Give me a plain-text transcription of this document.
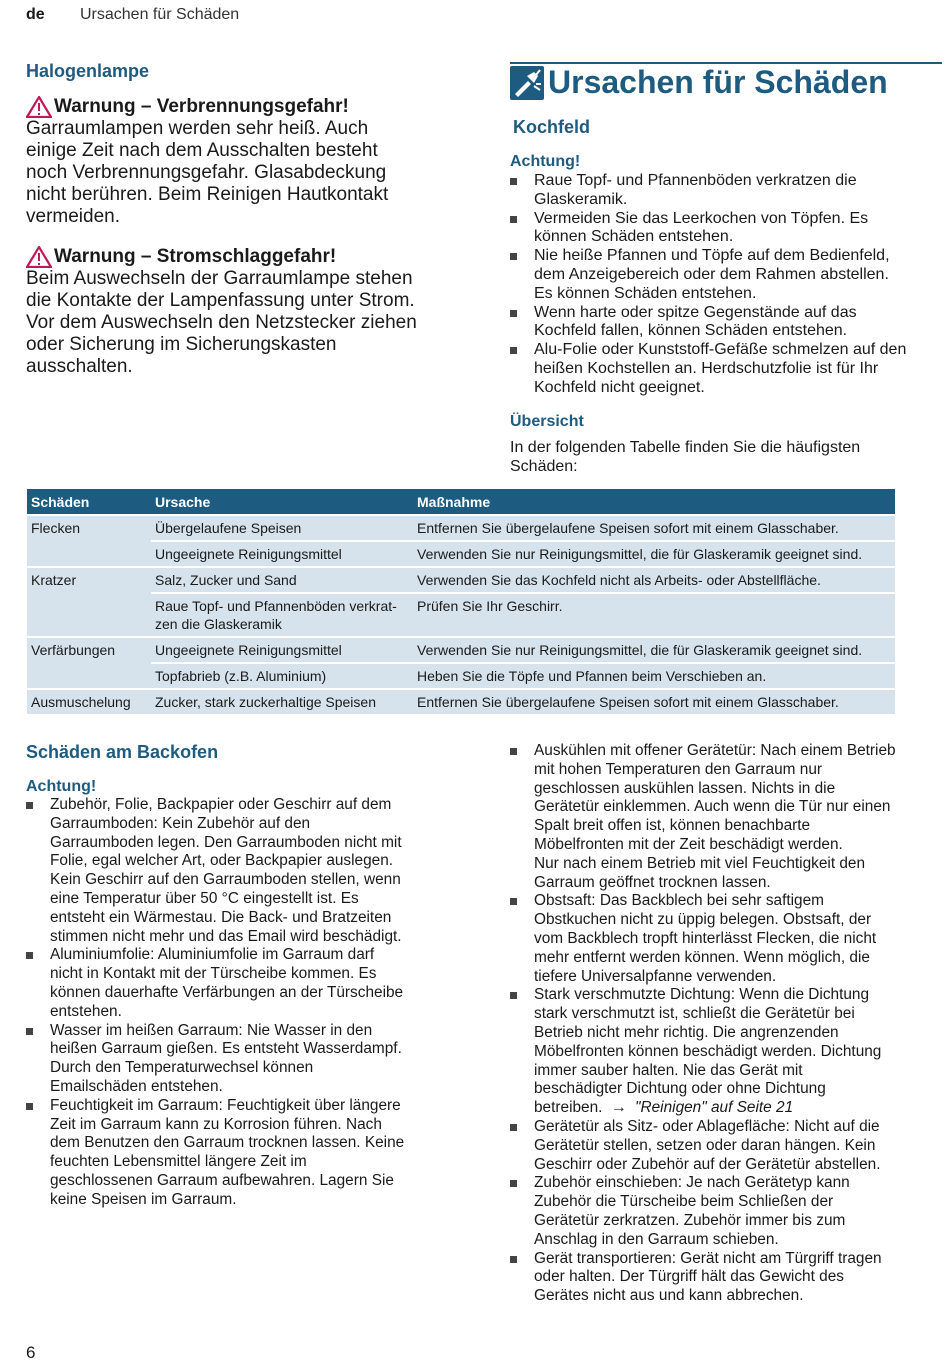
de Ursachen für Schäden
Halogenlampe
Warnung – Verbrennungsgefahr!
Garraumlampen werden sehr heiß. Auch
einige Zeit nach dem Ausschalten besteht
noch Verbrennungsgefahr. Glasabdeckung
nicht berühren. Beim Reinigen Hautkontakt
vermeiden.
Warnung – Stromschlaggefahr!
Beim Auswechseln der Garraumlampe stehen
die Kontakte der Lampenfassung unter Strom.
Vor dem Auswechseln den Netzstecker ziehen
oder Sicherung im Sicherungskasten
ausschalten.
Ursachen für Schäden
Kochfeld
Achtung!
Raue Topf- und Pfannenböden verkratzen die
Glaskeramik.
Vermeiden Sie das Leerkochen von Töpfen. Es
können Schäden entstehen.
Nie heiße Pfannen und Töpfe auf dem Bedienfeld,
dem Anzeigebereich oder dem Rahmen abstellen.
Es können Schäden entstehen.
Wenn harte oder spitze Gegenstände auf das
Kochfeld fallen, können Schäden entstehen.
Alu-Folie oder Kunststoff-Gefäße schmelzen auf den
heißen Kochstellen an. Herdschutzfolie ist für Ihr
Kochfeld nicht geeignet.
Übersicht
In der folgenden Tabelle finden Sie die häufigsten
Schäden:
Schäden	Ursache	Maßnahme
Flecken	Übergelaufene Speisen	Entfernen Sie übergelaufene Speisen sofort mit einem Glasschaber.
	Ungeeignete Reinigungsmittel	Verwenden Sie nur Reinigungsmittel, die für Glaskeramik geeignet sind.
Kratzer	Salz, Zucker und Sand	Verwenden Sie das Kochfeld nicht als Arbeits- oder Abstellfläche.
	Raue Topf- und Pfannenböden verkrat-
zen die Glaskeramik	Prüfen Sie Ihr Geschirr.
Verfärbungen	Ungeeignete Reinigungsmittel	Verwenden Sie nur Reinigungsmittel, die für Glaskeramik geeignet sind.
	Topfabrieb (z.B. Aluminium)	Heben Sie die Töpfe und Pfannen beim Verschieben an.
Ausmuschelung	Zucker, stark zuckerhaltige Speisen	Entfernen Sie übergelaufene Speisen sofort mit einem Glasschaber.
Schäden am Backofen
Achtung!
Zubehör, Folie, Backpapier oder Geschirr auf dem
Garraumboden: Kein Zubehör auf den
Garraumboden legen. Den Garraumboden nicht mit
Folie, egal welcher Art, oder Backpapier auslegen.
Kein Geschirr auf den Garraumboden stellen, wenn
eine Temperatur über 50 °C eingestellt ist. Es
entsteht ein Wärmestau. Die Back- und Bratzeiten
stimmen nicht mehr und das Email wird beschädigt.
Aluminiumfolie: Aluminiumfolie im Garraum darf
nicht in Kontakt mit der Türscheibe kommen. Es
können dauerhafte Verfärbungen an der Türscheibe
entstehen.
Wasser im heißen Garraum: Nie Wasser in den
heißen Garraum gießen. Es entsteht Wasserdampf.
Durch den Temperaturwechsel können
Emailschäden entstehen.
Feuchtigkeit im Garraum: Feuchtigkeit über längere
Zeit im Garraum kann zu Korrosion führen. Nach
dem Benutzen den Garraum trocknen lassen. Keine
feuchten Lebensmittel längere Zeit im
geschlossenen Garraum aufbewahren. Lagern Sie
keine Speisen im Garraum.
Auskühlen mit offener Gerätetür: Nach einem Betrieb
mit hohen Temperaturen den Garraum nur
geschlossen auskühlen lassen. Nichts in die
Gerätetür einklemmen. Auch wenn die Tür nur einen
Spalt breit offen ist, können benachbarte
Möbelfronten mit der Zeit beschädigt werden.
Nur nach einem Betrieb mit viel Feuchtigkeit den
Garraum geöffnet trocknen lassen.
Obstsaft: Das Backblech bei sehr saftigem
Obstkuchen nicht zu üppig belegen. Obstsaft, der
vom Backblech tropft hinterlässt Flecken, die nicht
mehr entfernt werden können. Wenn möglich, die
tiefere Universalpfanne verwenden.
Stark verschmutzte Dichtung: Wenn die Dichtung
stark verschmutzt ist, schließt die Gerätetür bei
Betrieb nicht mehr richtig. Die angrenzenden
Möbelfronten können beschädigt werden. Dichtung
immer sauber halten. Nie das Gerät mit
beschädigter Dichtung oder ohne Dichtung
betreiben. → "Reinigen" auf Seite 21
Gerätetür als Sitz- oder Ablagefläche: Nicht auf die
Gerätetür stellen, setzen oder daran hängen. Kein
Geschirr oder Zubehör auf der Gerätetür abstellen.
Zubehör einschieben: Je nach Gerätetyp kann
Zubehör die Türscheibe beim Schließen der
Gerätetür zerkratzen. Zubehör immer bis zum
Anschlag in den Garraum schieben.
Gerät transportieren: Gerät nicht am Türgriff tragen
oder halten. Der Türgriff hält das Gewicht des
Gerätes nicht aus und kann abbrechen.
6
